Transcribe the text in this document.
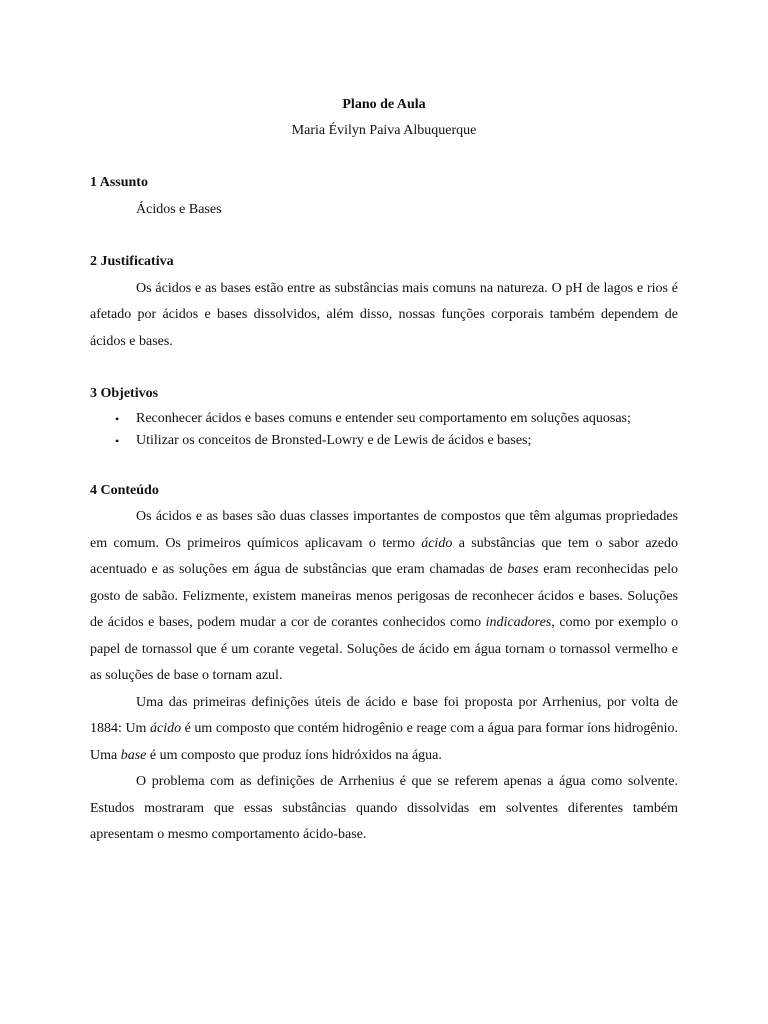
Plano de Aula

Maria Évilyn Paiva Albuquerque

1 Assunto

Ácidos e Bases

2 Justificativa

Os ácidos e as bases estão entre as substâncias mais comuns na natureza. O pH de lagos e rios é afetado por ácidos e bases dissolvidos, além disso, nossas funções corporais também dependem de ácidos e bases.

3 Objetivos

• Reconhecer ácidos e bases comuns e entender seu comportamento em soluções aquosas;
• Utilizar os conceitos de Bronsted-Lowry e de Lewis de ácidos e bases;

4 Conteúdo

Os ácidos e as bases são duas classes importantes de compostos que têm algumas propriedades em comum. Os primeiros químicos aplicavam o termo ácido a substâncias que tem o sabor azedo acentuado e as soluções em água de substâncias que eram chamadas de bases eram reconhecidas pelo gosto de sabão. Felizmente, existem maneiras menos perigosas de reconhecer ácidos e bases. Soluções de ácidos e bases, podem mudar a cor de corantes conhecidos como indicadores, como por exemplo o papel de tornassol que é um corante vegetal. Soluções de ácido em água tornam o tornassol vermelho e as soluções de base o tornam azul.

Uma das primeiras definições úteis de ácido e base foi proposta por Arrhenius, por volta de 1884: Um ácido é um composto que contém hidrogênio e reage com a água para formar íons hidrogênio. Uma base é um composto que produz íons hidróxidos na água.

O problema com as definições de Arrhenius é que se referem apenas a água como solvente. Estudos mostraram que essas substâncias quando dissolvidas em solventes diferentes também apresentam o mesmo comportamento ácido-base.
